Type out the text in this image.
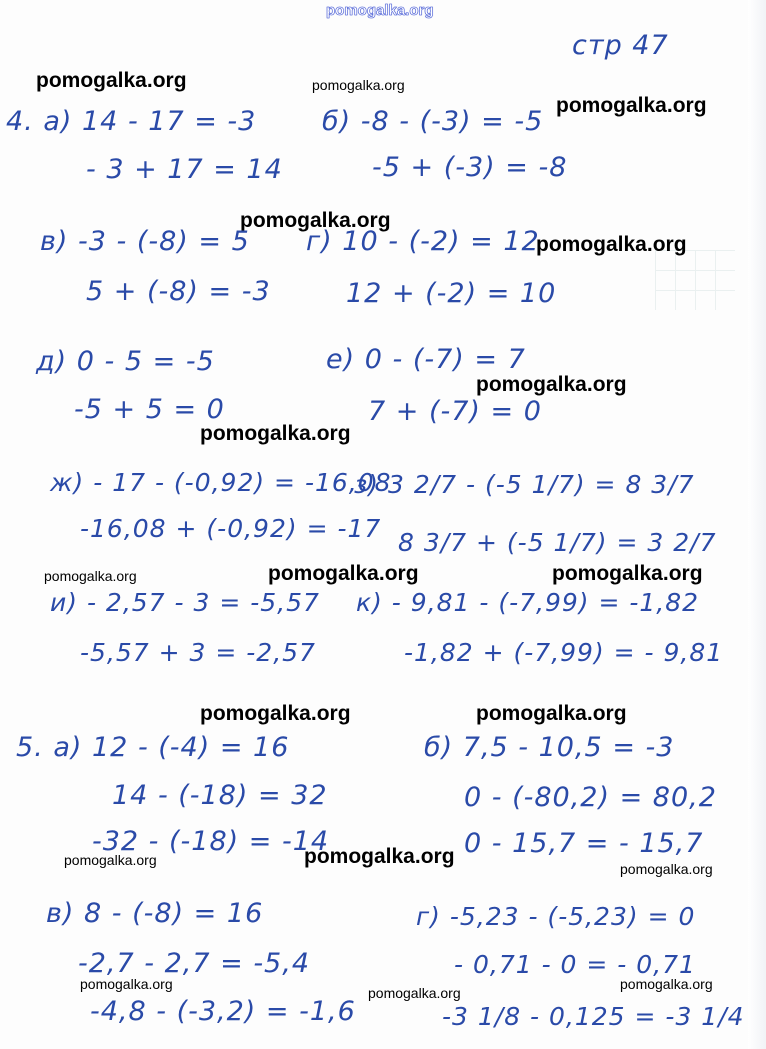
pomogalka.org
pomogalka.org	pomogalka.org
pomogalka.org
pomogalka.org
pomogalka.org
pomogalka.org
pomogalka.org
pomogalka.org	pomogalka.org	pomogalka.org
pomogalka.org	pomogalka.org
pomogalka.org	pomogalka.org
pomogalka.org
pomogalka.org
pomogalka.org
pomogalka.org
стр 47
4. а) 14 - 17 = -3
- 3 + 17 = 14
б) -8 - (-3) = -5
-5 + (-3) = -8
в) -3 - (-8) = 5
5 + (-8) = -3
г) 10 - (-2) = 12
12 + (-2) = 10
д) 0 - 5 = -5
-5 + 5 = 0
е) 0 - (-7) = 7
7 + (-7) = 0
ж) - 17 - (-0,92) = -16,08
-16,08 + (-0,92) = -17
з) 3 2/7 - (-5 1/7) = 8 3/7
8 3/7 + (-5 1/7) = 3 2/7
и) - 2,57 - 3 = -5,57
-5,57 + 3 = -2,57
к) - 9,81 - (-7,99) = -1,82
-1,82 + (-7,99) = - 9,81
5. а) 12 - (-4) = 16
14 - (-18) = 32
-32 - (-18) = -14
б) 7,5 - 10,5 = -3
0 - (-80,2) = 80,2
0 - 15,7 = - 15,7
в) 8 - (-8) = 16
-2,7 - 2,7 = -5,4
-4,8 - (-3,2) = -1,6
г) -5,23 - (-5,23) = 0
- 0,71 - 0 = - 0,71
-3 1/8 - 0,125 = -3 1/4
